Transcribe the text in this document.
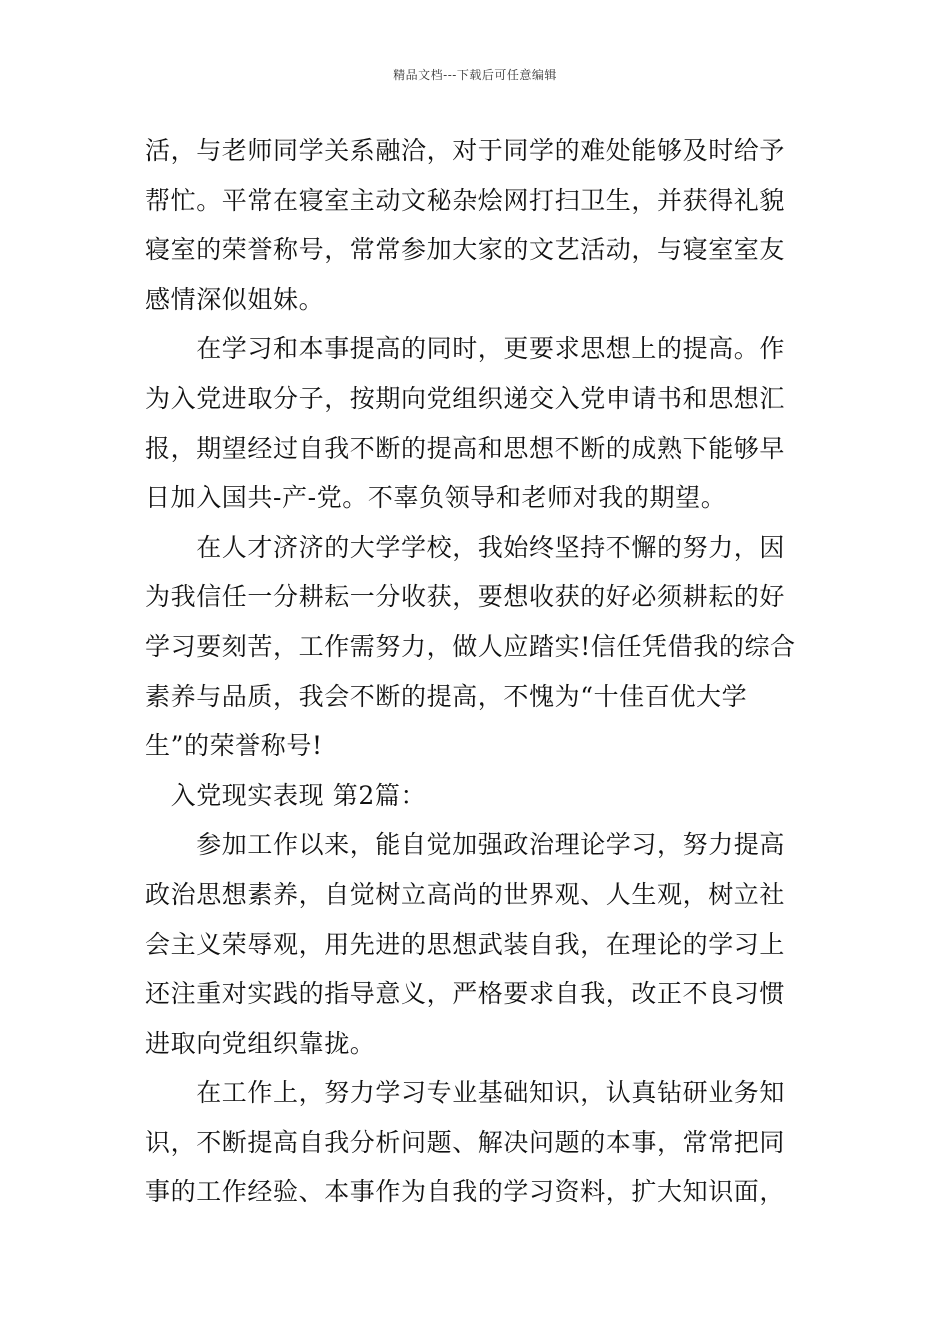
精品文档---下载后可任意编辑
活，与老师同学关系融洽，对于同学的难处能够及时给予
帮忙。平常在寝室主动文秘杂烩网打扫卫生，并获得礼貌
寝室的荣誉称号，常常参加大家的文艺活动，与寝室室友
感情深似姐妹。
　　在学习和本事提高的同时，更要求思想上的提高。作
为入党进取分子，按期向党组织递交入党申请书和思想汇
报，期望经过自我不断的提高和思想不断的成熟下能够早
日加入国共-产-党。不辜负领导和老师对我的期望。
　　在人才济济的大学学校，我始终坚持不懈的努力，因
为我信任一分耕耘一分收获，要想收获的好必须耕耘的好
学习要刻苦，工作需努力，做人应踏实!信任凭借我的综合
素养与品质，我会不断的提高，不愧为“十佳百优大学
生”的荣誉称号!
　入党现实表现 第2篇：
　　参加工作以来，能自觉加强政治理论学习，努力提高
政治思想素养，自觉树立高尚的世界观、人生观，树立社
会主义荣辱观，用先进的思想武装自我，在理论的学习上
还注重对实践的指导意义，严格要求自我，改正不良习惯
进取向党组织靠拢。
　　在工作上，努力学习专业基础知识，认真钻研业务知
识，不断提高自我分析问题、解决问题的本事，常常把同
事的工作经验、本事作为自我的学习资料，扩大知识面，
